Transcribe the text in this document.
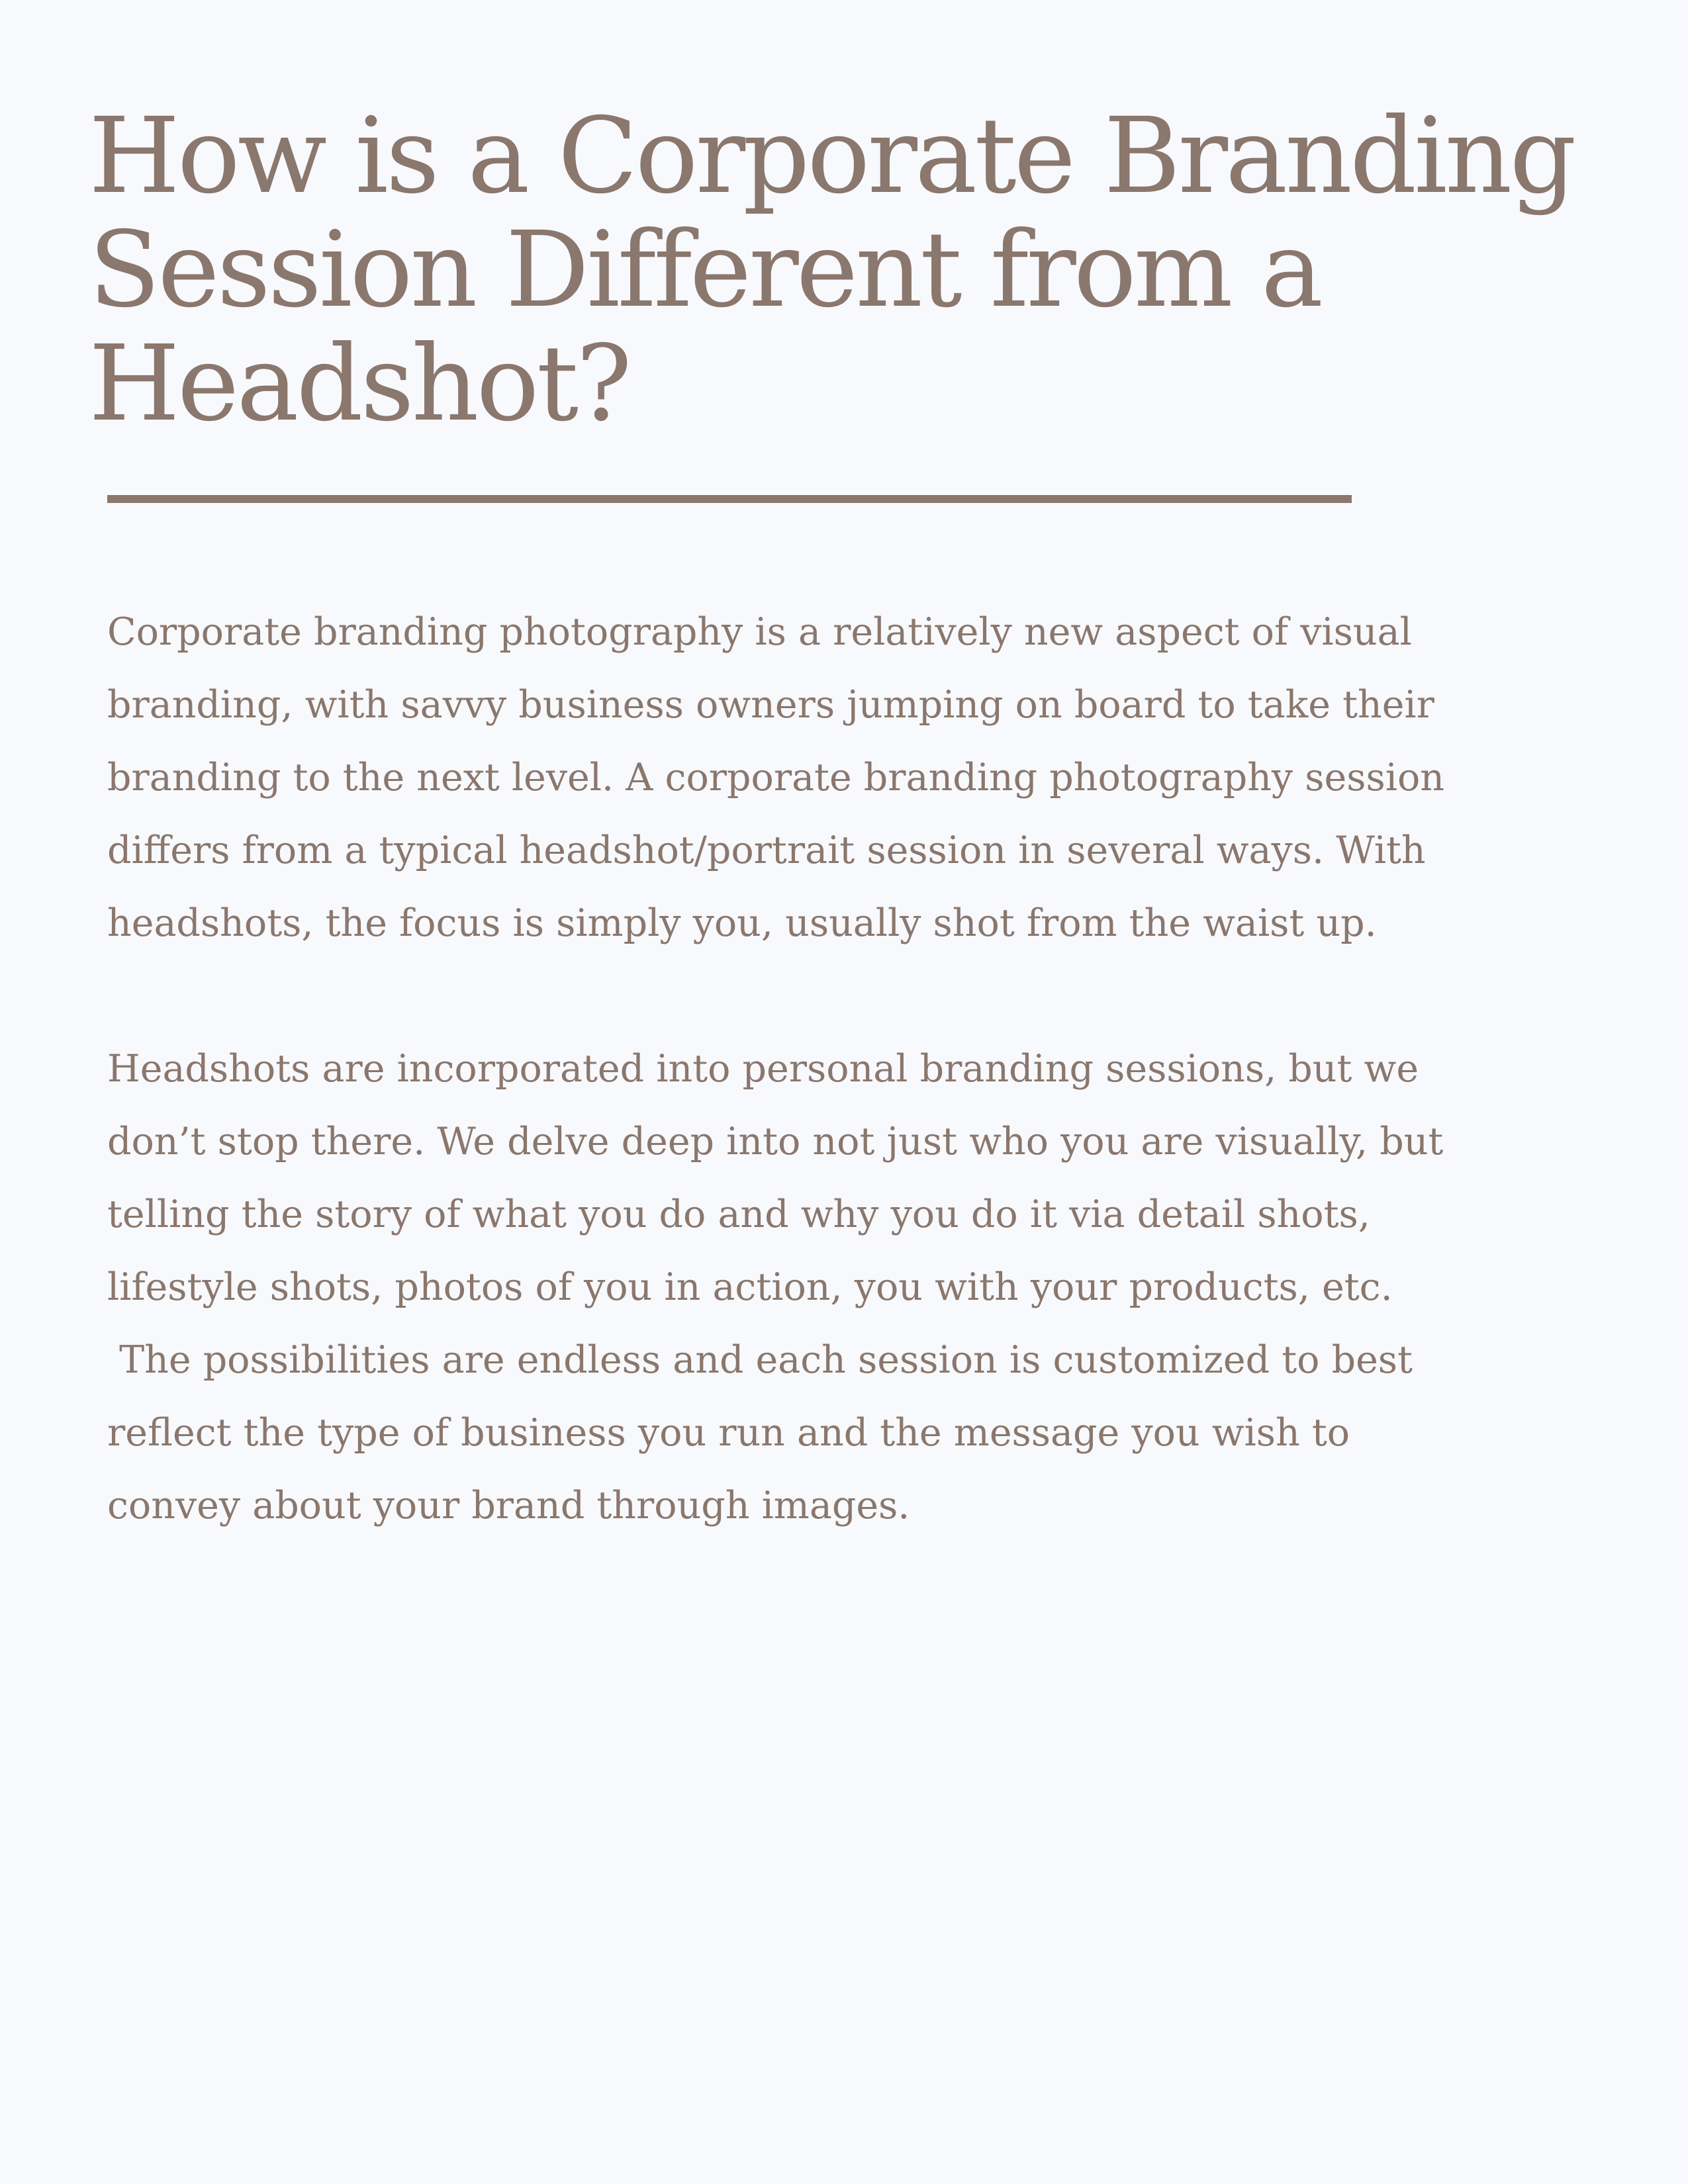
How is a Corporate Branding
Session Different from a
Headshot?
Corporate branding photography is a relatively new aspect of visual
branding, with savvy business owners jumping on board to take their
branding to the next level. A corporate branding photography session
differs from a typical headshot/portrait session in several ways. With
headshots, the focus is simply you, usually shot from the waist up.
Headshots are incorporated into personal branding sessions, but we
don’t stop there. We delve deep into not just who you are visually, but
telling the story of what you do and why you do it via detail shots,
lifestyle shots, photos of you in action, you with your products, etc.
The possibilities are endless and each session is customized to best
reflect the type of business you run and the message you wish to
convey about your brand through images.
